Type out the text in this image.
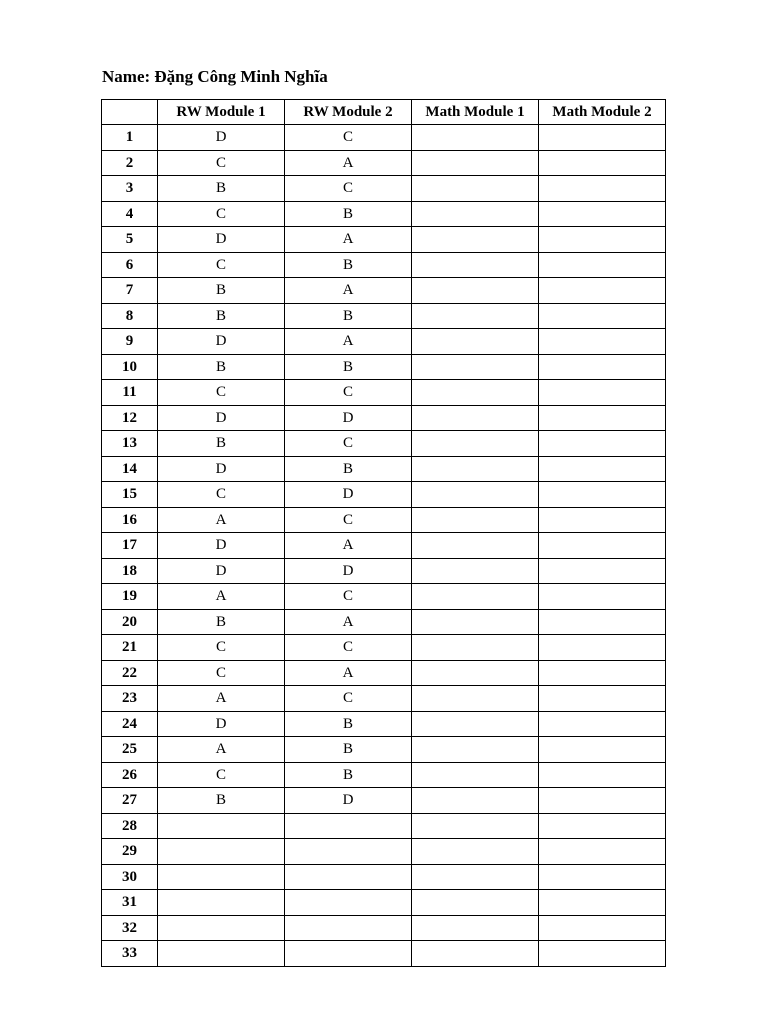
Name: Đặng Công Minh Nghĩa
	RW Module 1	RW Module 2	Math Module 1	Math Module 2
1	D	C		
2	C	A		
3	B	C		
4	C	B		
5	D	A		
6	C	B		
7	B	A		
8	B	B		
9	D	A		
10	B	B		
11	C	C		
12	D	D		
13	B	C		
14	D	B		
15	C	D		
16	A	C		
17	D	A		
18	D	D		
19	A	C		
20	B	A		
21	C	C		
22	C	A		
23	A	C		
24	D	B		
25	A	B		
26	C	B		
27	B	D		
28				
29				
30				
31				
32				
33				
